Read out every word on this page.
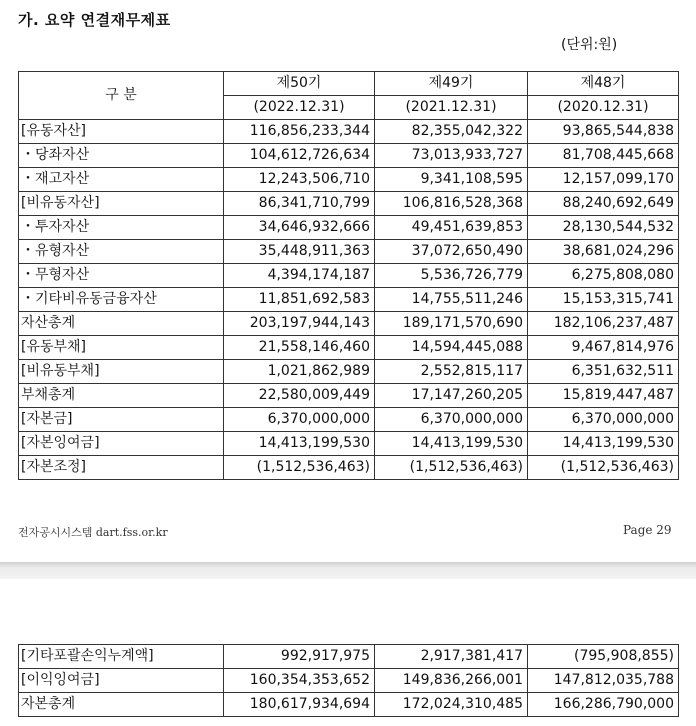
가. 요약 연결재무제표
(단위:원)
구 분	제50기	제49기	제48기
	(2022.12.31)	(2021.12.31)	(2020.12.31)
[유동자산]	116,856,233,344	82,355,042,322	93,865,544,838
・당좌자산	104,612,726,634	73,013,933,727	81,708,445,668
・재고자산	12,243,506,710	9,341,108,595	12,157,099,170
[비유동자산]	86,341,710,799	106,816,528,368	88,240,692,649
・투자자산	34,646,932,666	49,451,639,853	28,130,544,532
・유형자산	35,448,911,363	37,072,650,490	38,681,024,296
・무형자산	4,394,174,187	5,536,726,779	6,275,808,080
・기타비유동금융자산	11,851,692,583	14,755,511,246	15,153,315,741
자산총계	203,197,944,143	189,171,570,690	182,106,237,487
[유동부채]	21,558,146,460	14,594,445,088	9,467,814,976
[비유동부채]	1,021,862,989	2,552,815,117	6,351,632,511
부채총계	22,580,009,449	17,147,260,205	15,819,447,487
[자본금]	6,370,000,000	6,370,000,000	6,370,000,000
[자본잉여금]	14,413,199,530	14,413,199,530	14,413,199,530
[자본조정]	(1,512,536,463)	(1,512,536,463)	(1,512,536,463)
전자공시시스템 dart.fss.or.kr	Page 29
[기타포괄손익누계액]	992,917,975	2,917,381,417	(795,908,855)
[이익잉여금]	160,354,353,652	149,836,266,001	147,812,035,788
자본총계	180,617,934,694	172,024,310,485	166,286,790,000
